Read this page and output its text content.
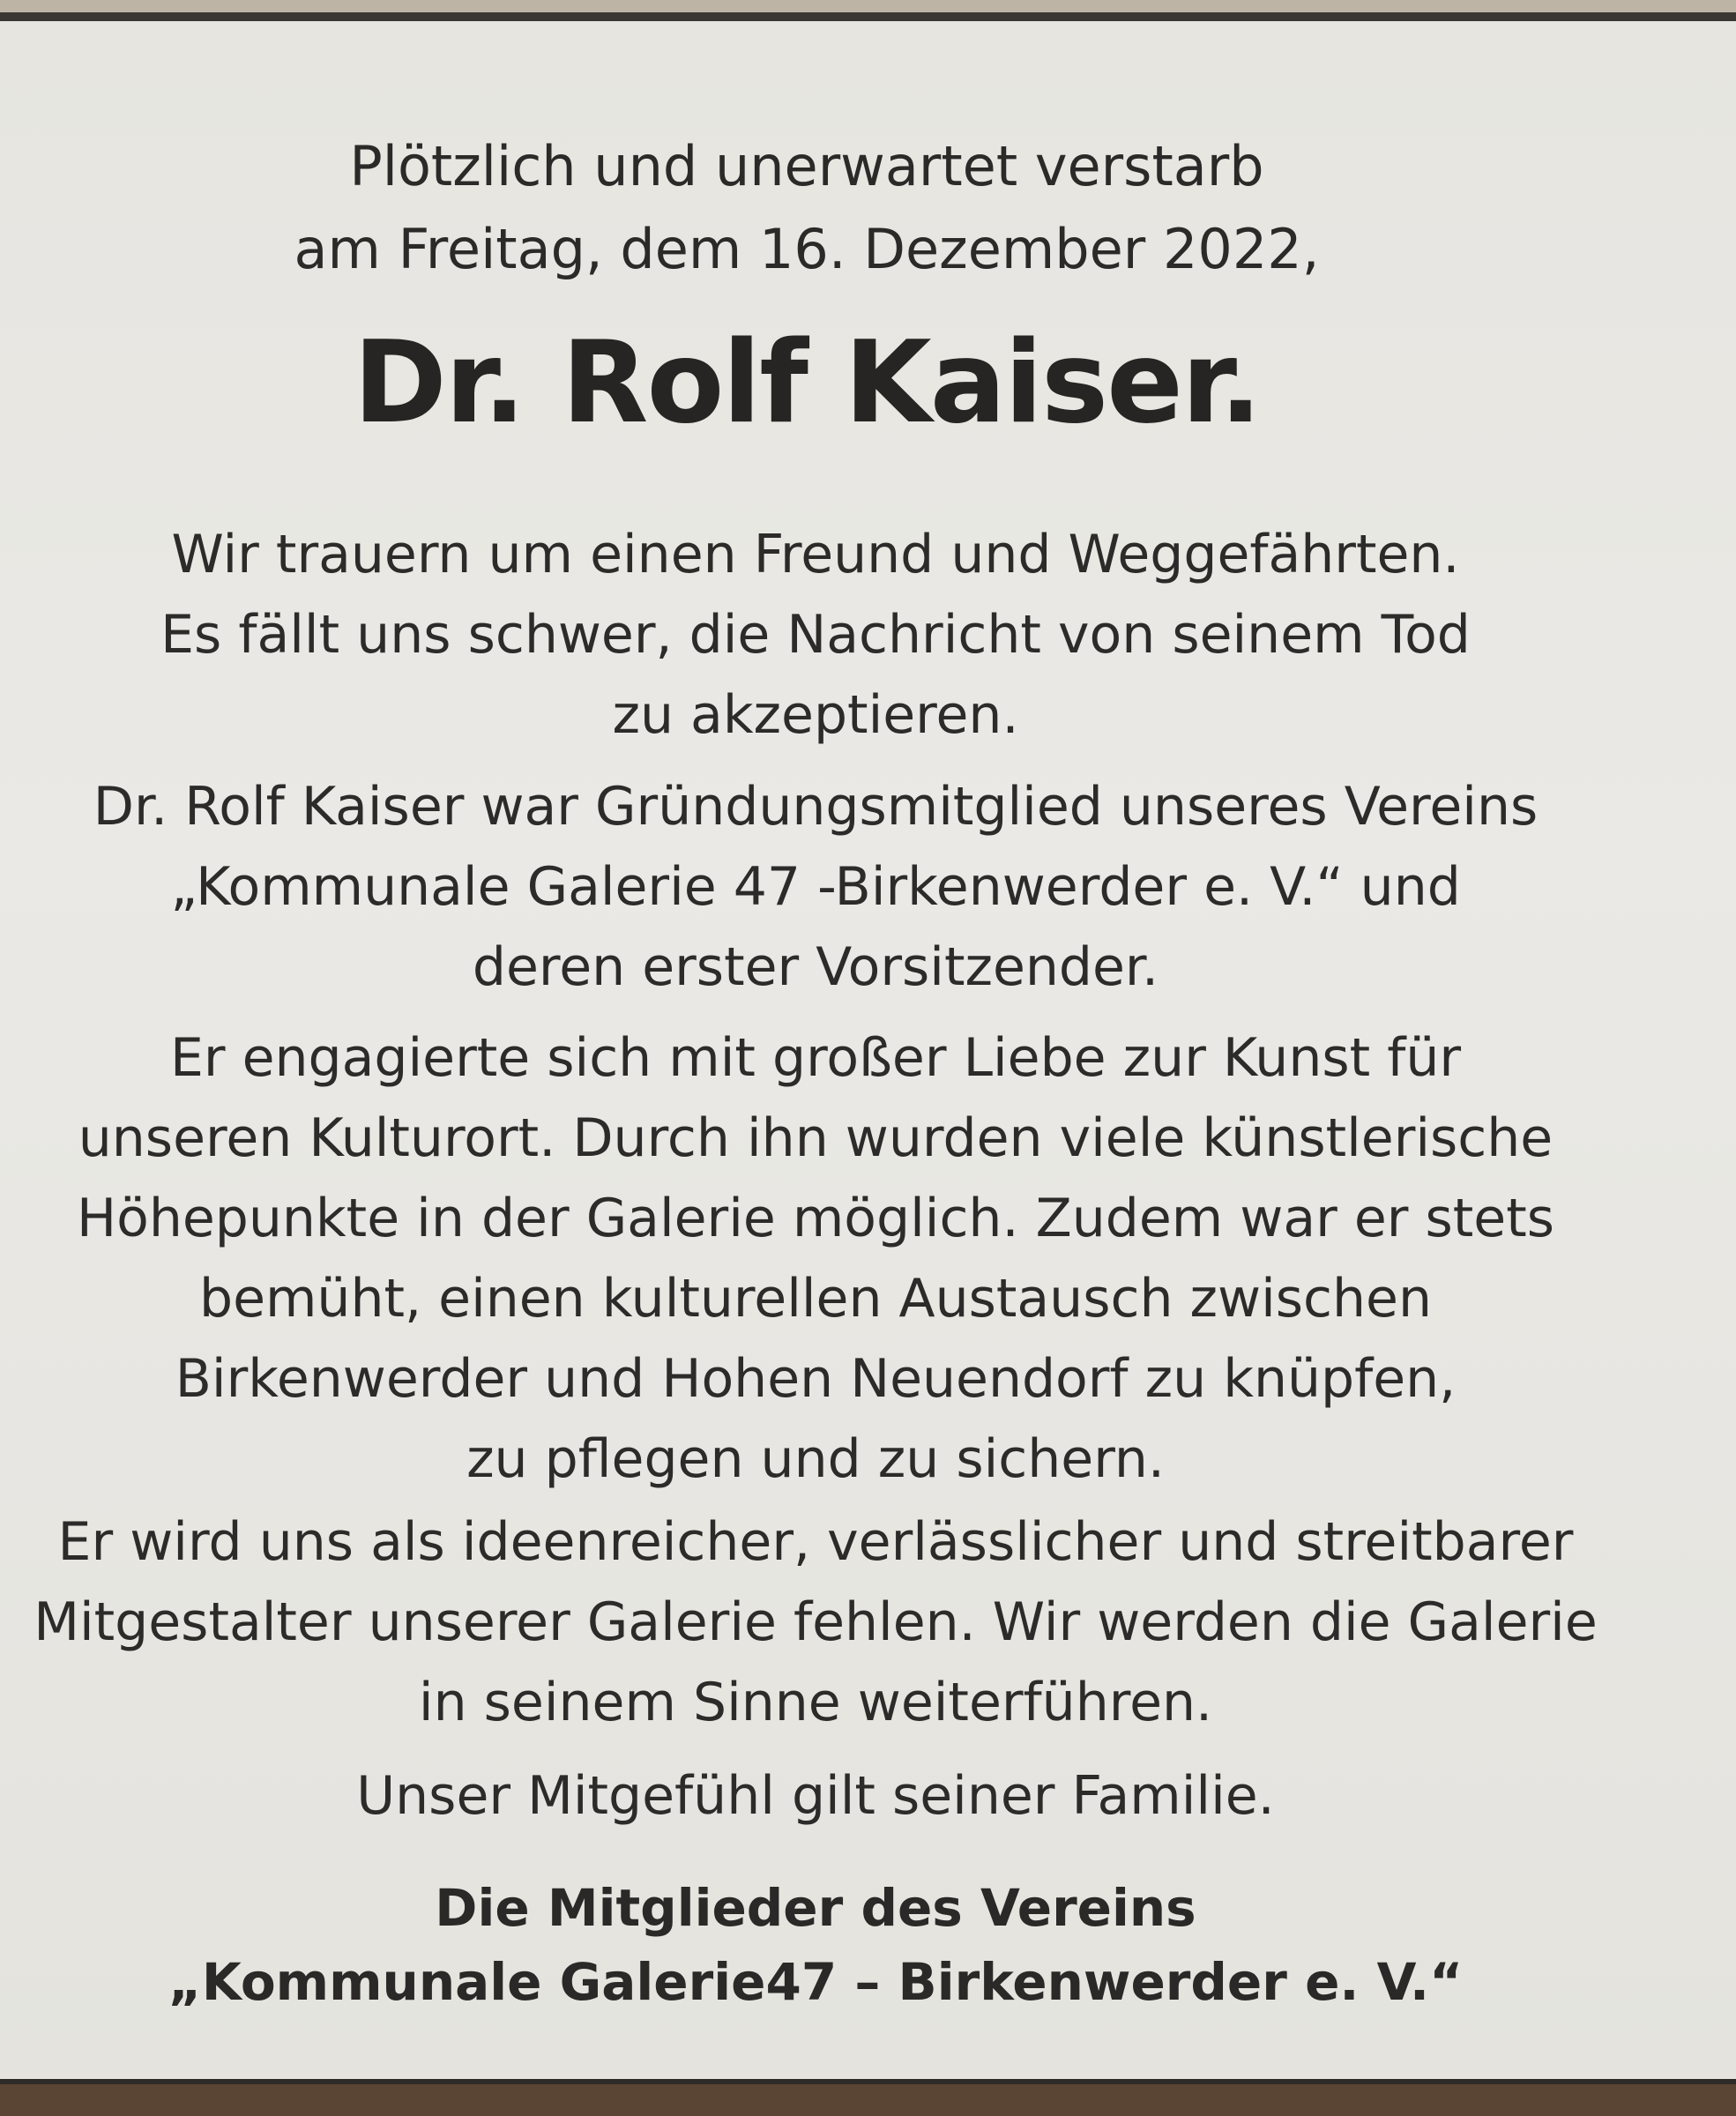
Plötzlich und unerwartet verstarb
am Freitag, dem 16. Dezember 2022,
Dr. Rolf Kaiser.
Wir trauern um einen Freund und Weggefährten.
Es fällt uns schwer, die Nachricht von seinem Tod
zu akzeptieren.
Dr. Rolf Kaiser war Gründungsmitglied unseres Vereins
„Kommunale Galerie 47 -Birkenwerder e. V.“ und
deren erster Vorsitzender.
Er engagierte sich mit großer Liebe zur Kunst für
unseren Kulturort. Durch ihn wurden viele künstlerische
Höhepunkte in der Galerie möglich. Zudem war er stets
bemüht, einen kulturellen Austausch zwischen
Birkenwerder und Hohen Neuendorf zu knüpfen,
zu pflegen und zu sichern.
Er wird uns als ideenreicher, verlässlicher und streitbarer
Mitgestalter unserer Galerie fehlen. Wir werden die Galerie
in seinem Sinne weiterführen.
Unser Mitgefühl gilt seiner Familie.
Die Mitglieder des Vereins
„Kommunale Galerie47 – Birkenwerder e. V.“
